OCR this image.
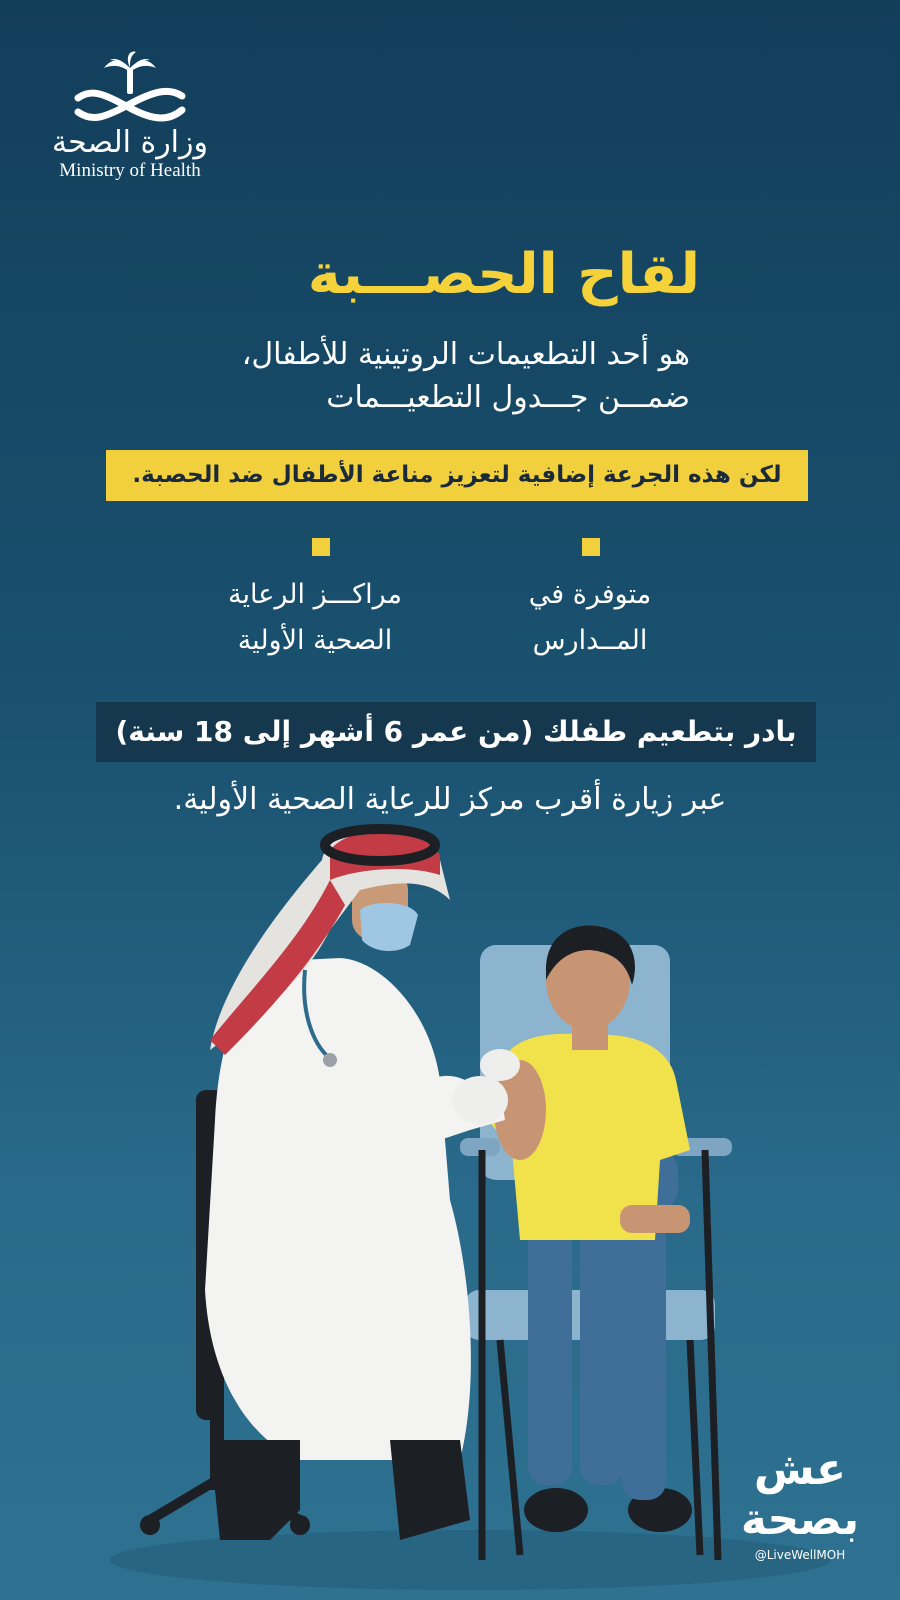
وزارة الصحة
Ministry of Health
لقاح الحصـــبة
هو أحد التطعيمات الروتينية للأطفال،
ضمـــن جـــدول التطعيـــمات
لكن هذه الجرعة إضافية لتعزيز مناعة الأطفال ضد الحصبة.
متوفرة في
المــدارس
مراكـــز الرعاية
الصحية الأولية
بادر بتطعيم طفلك (من عمر 6 أشهر إلى 18 سنة)
عبر زيارة أقرب مركز للرعاية الصحية الأولية.
عش بصحة
@LiveWellMOH
